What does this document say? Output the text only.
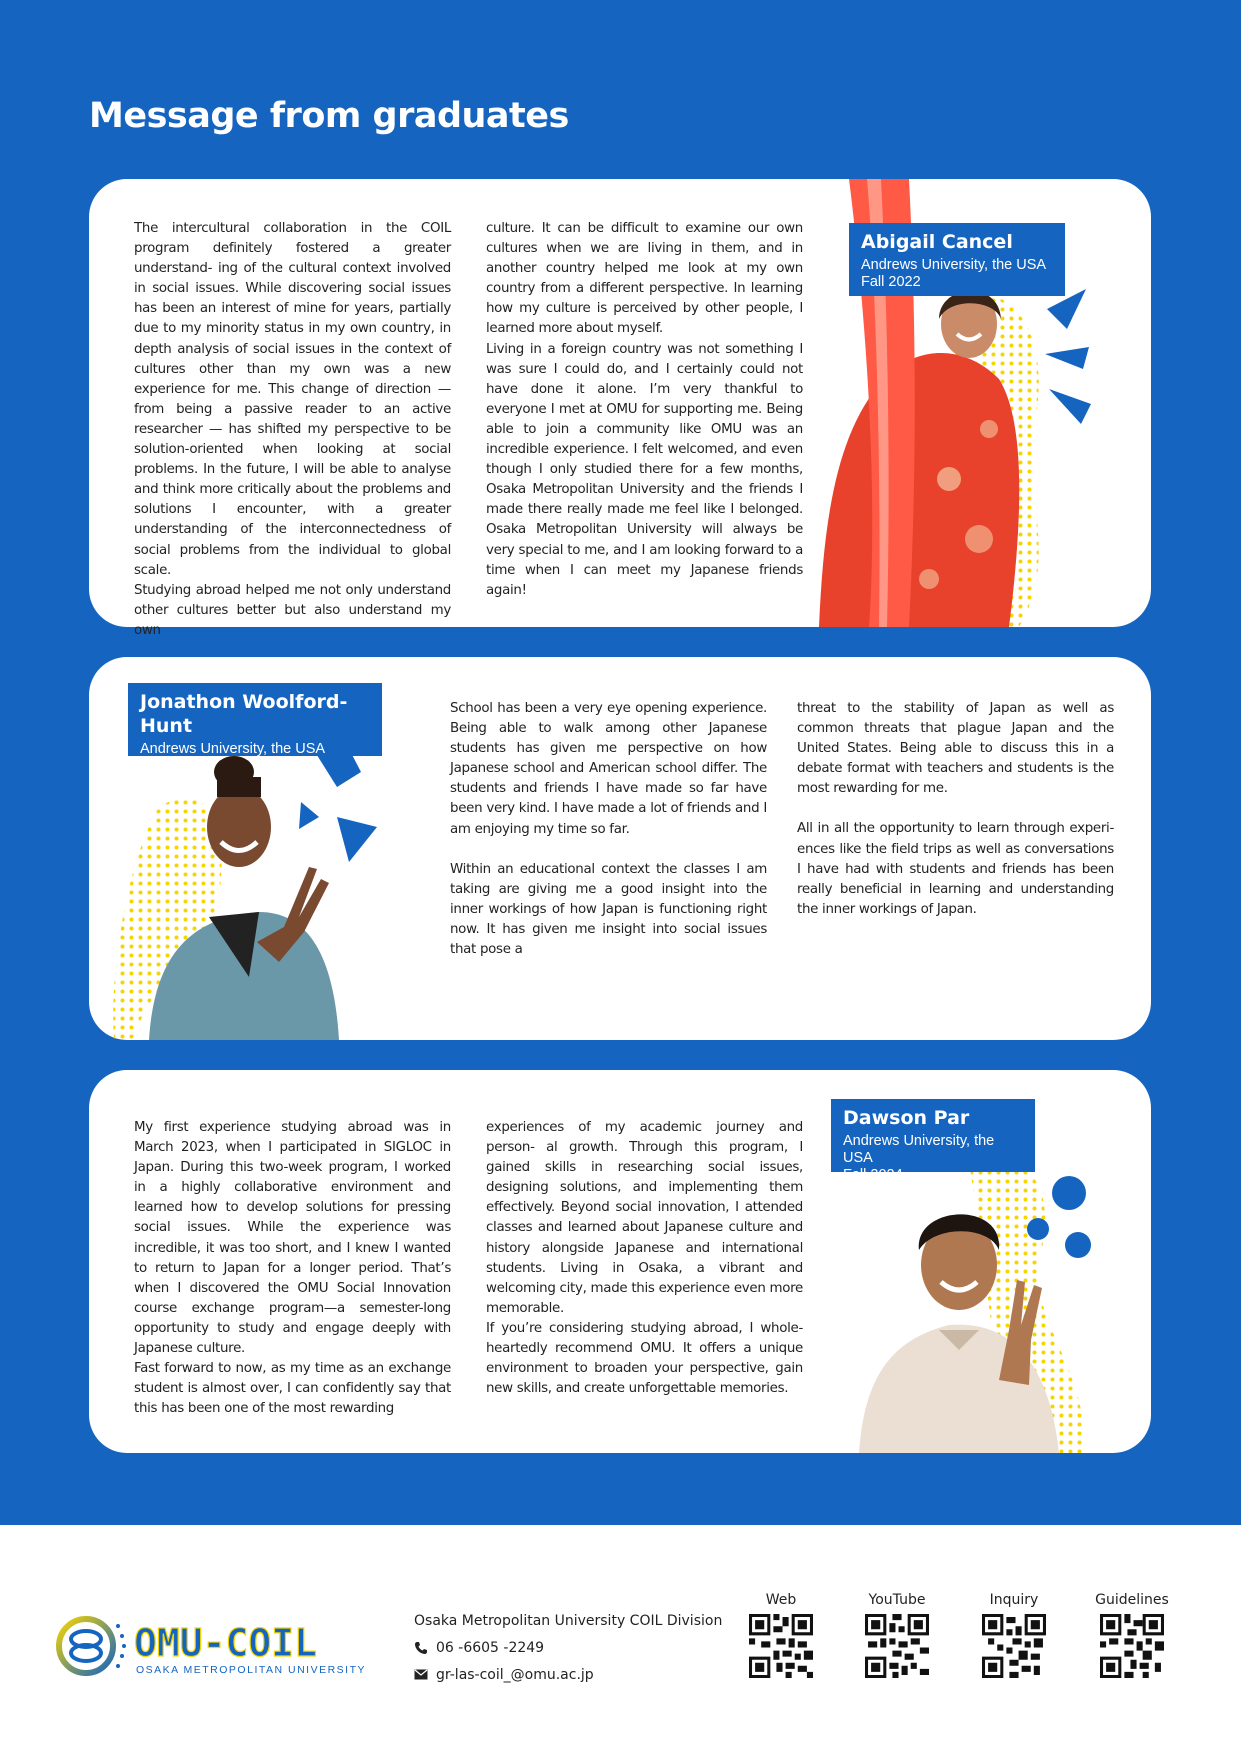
Message from graduates

The intercultural collaboration in the COIL program definitely fostered a greater understand- ing of the cultural context involved in social issues. While discovering social issues has been an interest of mine for years, partially due to my minority status in my own country, in depth analysis of social issues in the context of cultures other than my own was a new experience for me. This change of direction — from being a passive reader to an active researcher — has shifted my perspective to be solution-oriented when looking at social problems. In the future, I will be able to analyse and think more critically about the problems and solutions I encounter, with a greater understanding of the interconnectedness of social problems from the individual to global scale.

Studying abroad helped me not only understand other cultures better but also understand my own

culture. It can be difficult to examine our own cultures when we are living in them, and in another country helped me look at my own country from a different perspective. In learning how my culture is perceived by other people, I learned more about myself.

Living in a foreign country was not something I was sure I could do, and I certainly could not have done it alone. I’m very thankful to everyone I met at OMU for supporting me. Being able to join a community like OMU was an incredible experience. I felt welcomed, and even though I only studied there for a few months, Osaka Metropolitan University and the friends I made there really made me feel like I belonged. Osaka Metropolitan University will always be very special to me, and I am looking forward to a time when I can meet my Japanese friends again!

Abigail Cancel
Andrews University, the USA
Fall 2022
Jonathon Woolford-Hunt
Andrews University, the USA
Fall 2022

School has been a very eye opening experience. Being able to walk among other Japanese students has given me perspective on how Japanese school and American school differ. The students and friends I have made so far have been very kind. I have made a lot of friends and I am enjoying my time so far.

Within an educational context the classes I am taking are giving me a good insight into the inner workings of how Japan is functioning right now. It has given me insight into social issues that pose a

threat to the stability of Japan as well as common threats that plague Japan and the United States. Being able to discuss this in a debate format with teachers and students is the most rewarding for me.

All in all the opportunity to learn through experi- ences like the field trips as well as conversations I have had with students and friends has been really beneficial in learning and understanding the inner workings of Japan.

My first experience studying abroad was in March 2023, when I participated in SIGLOC in Japan. During this two-week program, I worked in a highly collaborative environment and learned how to develop solutions for pressing social issues. While the experience was incredible, it was too short, and I knew I wanted to return to Japan for a longer period. That’s when I discovered the OMU Social Innovation course exchange program—a semester-long opportunity to study and engage deeply with Japanese culture.

Fast forward to now, as my time as an exchange student is almost over, I can confidently say that this has been one of the most rewarding

experiences of my academic journey and person- al growth. Through this program, I gained skills in researching social issues, designing solutions, and implementing them effectively. Beyond social innovation, I attended classes and learned about Japanese culture and history alongside Japanese and international students. Living in Osaka, a vibrant and welcoming city, made this experience even more memorable.

If you’re considering studying abroad, I whole- heartedly recommend OMU. It offers a unique environment to broaden your perspective, gain new skills, and create unforgettable memories.

Dawson Par
Andrews University, the USA
Fall 2024
OMU-COIL
OSAKA METROPOLITAN UNIVERSITY
Osaka Metropolitan University COIL Division
06 -6605 -2249
gr-las-coil_@omu.ac.jp
Web	YouTube	Inquiry	Guidelines
